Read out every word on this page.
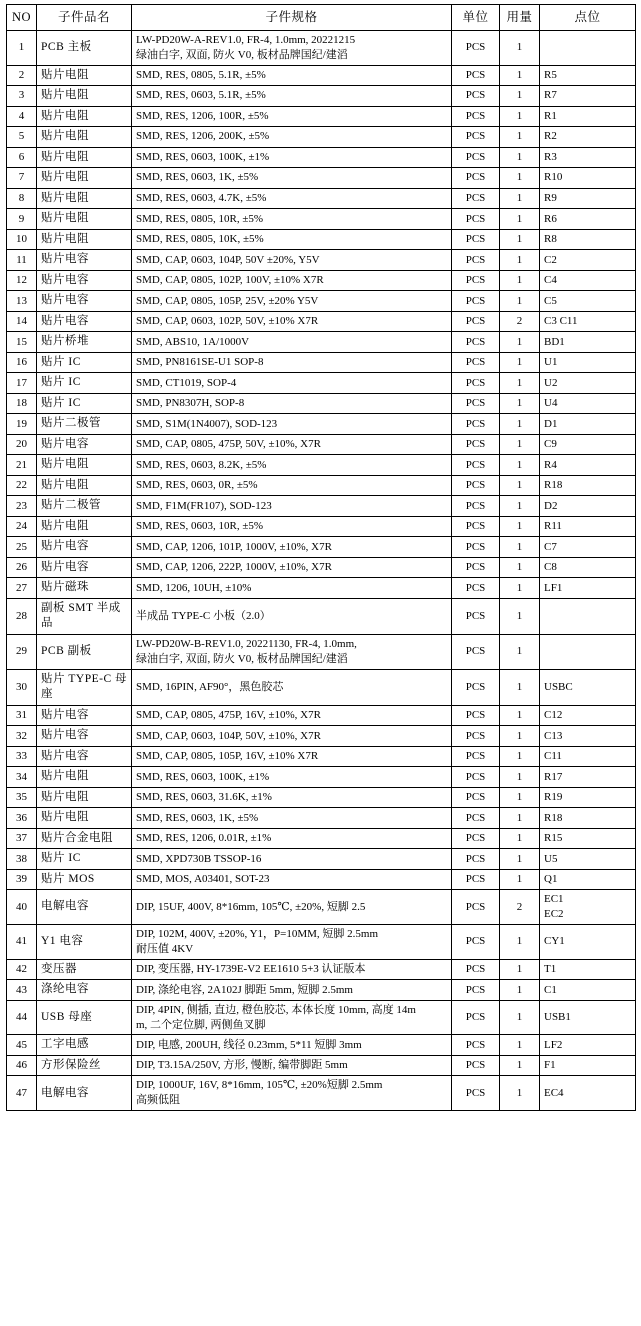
NO	子件品名	子件规格	单位	用量	点位
1	PCB 主板	LW-PD20W-A-REV1.0, FR-4, 1.0mm, 20221215
绿油白字, 双面, 防火 V0, 板材品牌国纪/建滔	PCS	1	
2	贴片电阻	SMD, RES, 0805, 5.1R, ±5%	PCS	1	R5

3	贴片电阻	SMD, RES, 0603, 5.1R, ±5%	PCS	1	R7

4	贴片电阻	SMD, RES, 1206, 100R, ±5%	PCS	1	R1

5	贴片电阻	SMD, RES, 1206, 200K, ±5%	PCS	1	R2

6	贴片电阻	SMD, RES, 0603, 100K, ±1%	PCS	1	R3

7	贴片电阻	SMD, RES, 0603, 1K, ±5%	PCS	1	R10

8	贴片电阻	SMD, RES, 0603, 4.7K, ±5%	PCS	1	R9

9	贴片电阻	SMD, RES, 0805, 10R, ±5%	PCS	1	R6

10	贴片电阻	SMD, RES, 0805, 10K, ±5%	PCS	1	R8

11	贴片电容	SMD, CAP, 0603, 104P, 50V ±20%, Y5V	PCS	1	C2

12	贴片电容	SMD, CAP, 0805, 102P, 100V, ±10% X7R	PCS	1	C4

13	贴片电容	SMD, CAP, 0805, 105P, 25V, ±20% Y5V	PCS	1	C5

14	贴片电容	SMD, CAP, 0603, 102P, 50V, ±10% X7R	PCS	2	C3 C11

15	贴片桥堆	SMD, ABS10, 1A/1000V	PCS	1	BD1

16	贴片 IC	SMD, PN8161SE-U1 SOP-8	PCS	1	U1

17	贴片 IC	SMD, CT1019, SOP-4	PCS	1	U2

18	贴片 IC	SMD, PN8307H, SOP-8	PCS	1	U4

19	贴片二极管	SMD, S1M(1N4007), SOD-123	PCS	1	D1

20	贴片电容	SMD, CAP, 0805, 475P, 50V, ±10%, X7R	PCS	1	C9

21	贴片电阻	SMD, RES, 0603, 8.2K, ±5%	PCS	1	R4

22	贴片电阻	SMD, RES, 0603, 0R, ±5%	PCS	1	R18

23	贴片二极管	SMD, F1M(FR107), SOD-123	PCS	1	D2

24	贴片电阻	SMD, RES, 0603, 10R, ±5%	PCS	1	R11

25	贴片电容	SMD, CAP, 1206, 101P, 1000V, ±10%, X7R	PCS	1	C7

26	贴片电容	SMD, CAP, 1206, 222P, 1000V, ±10%, X7R	PCS	1	C8

27	贴片磁珠	SMD, 1206, 10UH, ±10%	PCS	1	LF1

28	副板 SMT 半成品	半成品 TYPE-C 小板（2.0）	PCS	1	
29	PCB 副板	LW-PD20W-B-REV1.0, 20221130, FR-4, 1.0mm,
绿油白字, 双面, 防火 V0, 板材品牌国纪/建滔	PCS	1	
30	贴片 TYPE-C 母座	SMD, 16PIN, AF90°，黑色胶芯	PCS	1	USBC

31	贴片电容	SMD, CAP, 0805, 475P, 16V, ±10%, X7R	PCS	1	C12

32	贴片电容	SMD, CAP, 0603, 104P, 50V, ±10%, X7R	PCS	1	C13

33	贴片电容	SMD, CAP, 0805, 105P, 16V, ±10% X7R	PCS	1	C11

34	贴片电阻	SMD, RES, 0603, 100K, ±1%	PCS	1	R17

35	贴片电阻	SMD, RES, 0603, 31.6K, ±1%	PCS	1	R19

36	贴片电阻	SMD, RES, 0603, 1K, ±5%	PCS	1	R18

37	贴片合金电阻	SMD, RES, 1206, 0.01R, ±1%	PCS	1	R15

38	贴片 IC	SMD, XPD730B TSSOP-16	PCS	1	U5

39	贴片 MOS	SMD, MOS, A03401, SOT-23	PCS	1	Q1

40	电解电容	DIP, 15UF, 400V, 8*16mm, 105℃, ±20%, 短脚 2.5	PCS	2	EC1
EC2

41	Y1 电容	DIP, 102M, 400V, ±20%, Y1，P=10MM, 短脚 2.5mm
耐压值 4KV	PCS	1	CY1

42	变压器	DIP, 变压器, HY-1739E-V2 EE1610 5+3 认证版本	PCS	1	T1

43	涤纶电容	DIP, 涤纶电容, 2A102J 脚距 5mm, 短脚 2.5mm	PCS	1	C1

44	USB 母座	DIP, 4PIN, 侧插, 直边, 橙色胶芯, 本体长度 10mm, 高度 14m
m, 二个定位脚, 两侧鱼叉脚	PCS	1	USB1

45	工字电感	DIP, 电感, 200UH, 线径 0.23mm, 5*11 短脚 3mm	PCS	1	LF2

46	方形保险丝	DIP, T3.15A/250V, 方形, 慢断, 编带脚距 5mm	PCS	1	F1

47	电解电容	DIP, 1000UF, 16V, 8*16mm, 105℃, ±20%短脚 2.5mm
高频低阻	PCS	1	EC4
